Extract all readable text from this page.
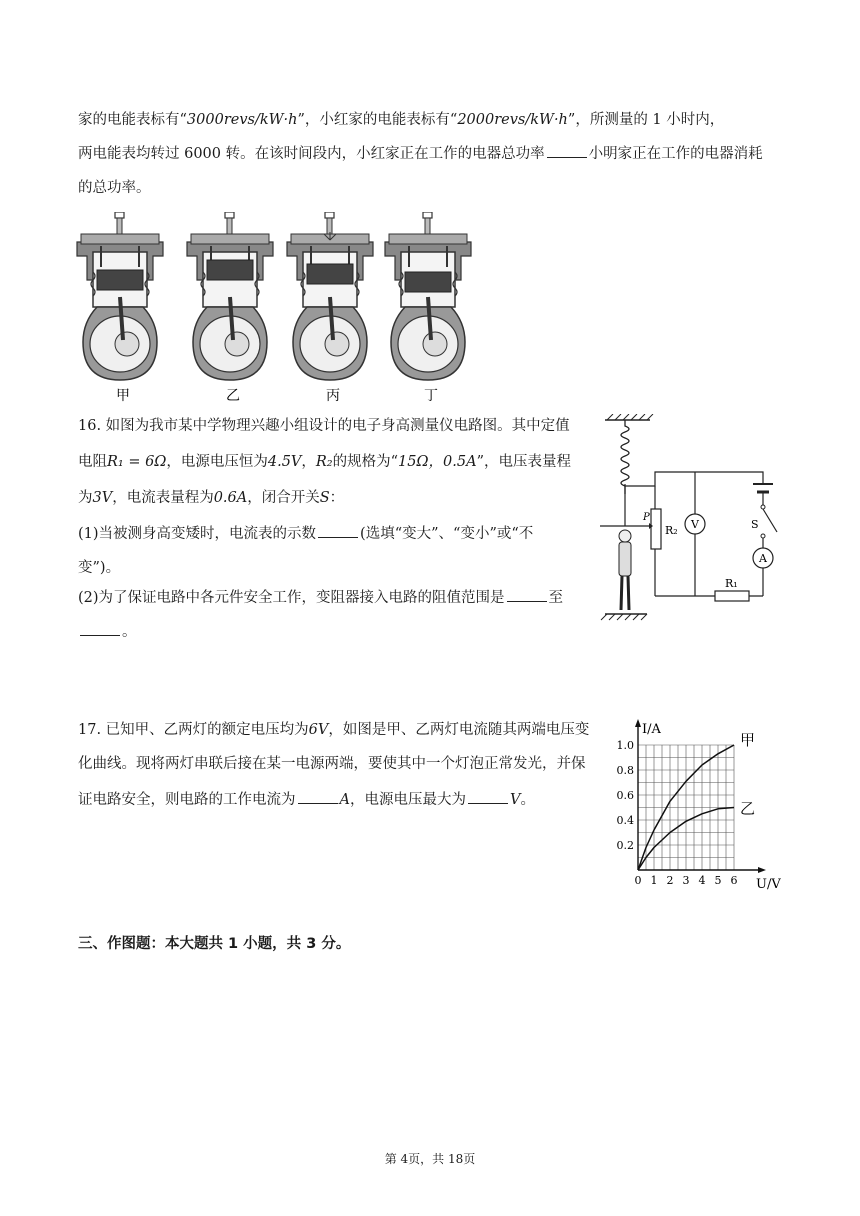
家的电能表标有“3000revs/kW·h”，小红家的电能表标有“2000revs/kW·h”，所测量的 1 小时内，

两电能表均转过 6000 转。在该时间段内，小红家正在工作的电器总功率	小明家正在工作的电器消耗

的总功率。

甲	乙	丙	丁

16. 如图为我市某中学物理兴趣小组设计的电子身高测量仪电路图。其中定值

电阻R₁ = 6Ω，电源电压恒为4.5V，R₂的规格为“15Ω，0.5A”，电压表量程

为3V，电流表量程为0.6A，闭合开关S：

(1)当被测身高变矮时，电流表的示数	(选填“变大”、“变小”或“不

变”)。

(2)为了保证电路中各元件安全工作，变阻器接入电路的阻值范围是	至

。

S
A
R₁
R₂ V
P

17. 已知甲、乙两灯的额定电压均为6V，如图是甲、乙两灯电流随其两端电压变

化曲线。现将两灯串联后接在某一电源两端，要使其中一个灯泡正常发光，并保

证电路安全，则电路的工作电流为	A，电源电压最大为	V。

0 1 2 3 4 5 6
0.2
0.4
0.6
0.8
1.0
U/V
I/A
甲
乙
三、作图题：本大题共 1 小题，共 3 分。
第 4页，共 18页
